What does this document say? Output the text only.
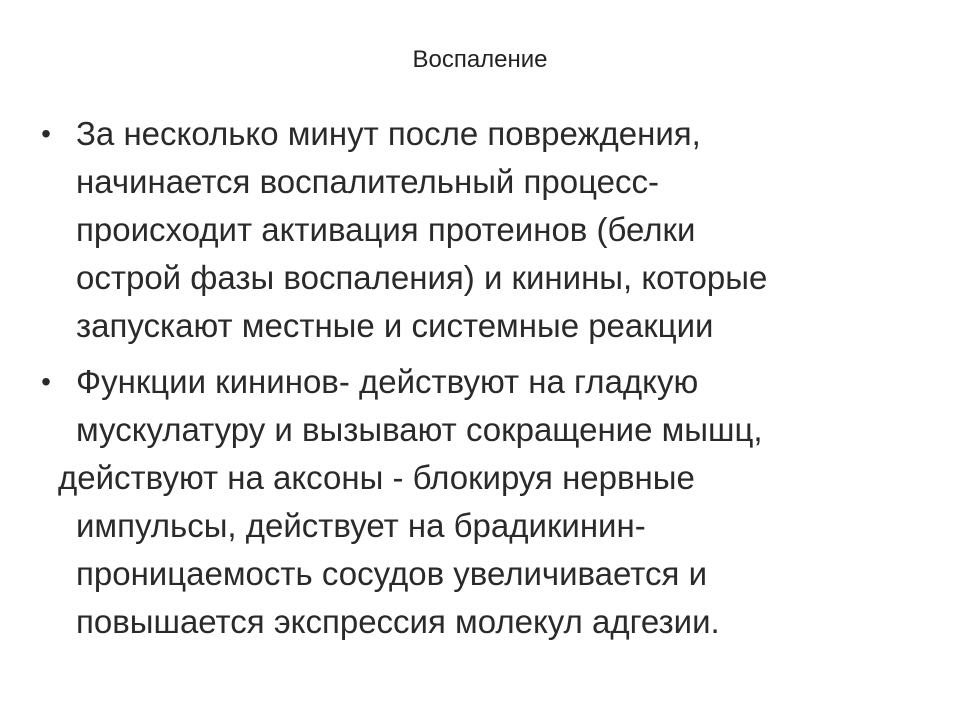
Воспаление
• За несколько минут после повреждения,
начинается воспалительный процесс-
происходит активация протеинов (белки
острой фазы воспаления) и кинины, которые
запускают местные и системные реакции
• Функции кининов- действуют на гладкую
мускулатуру и вызывают сокращение мышц,
действуют на аксоны - блокируя нервные
импульсы, действует на брадикинин-
проницаемость сосудов увеличивается и
повышается экспрессия молекул адгезии.
